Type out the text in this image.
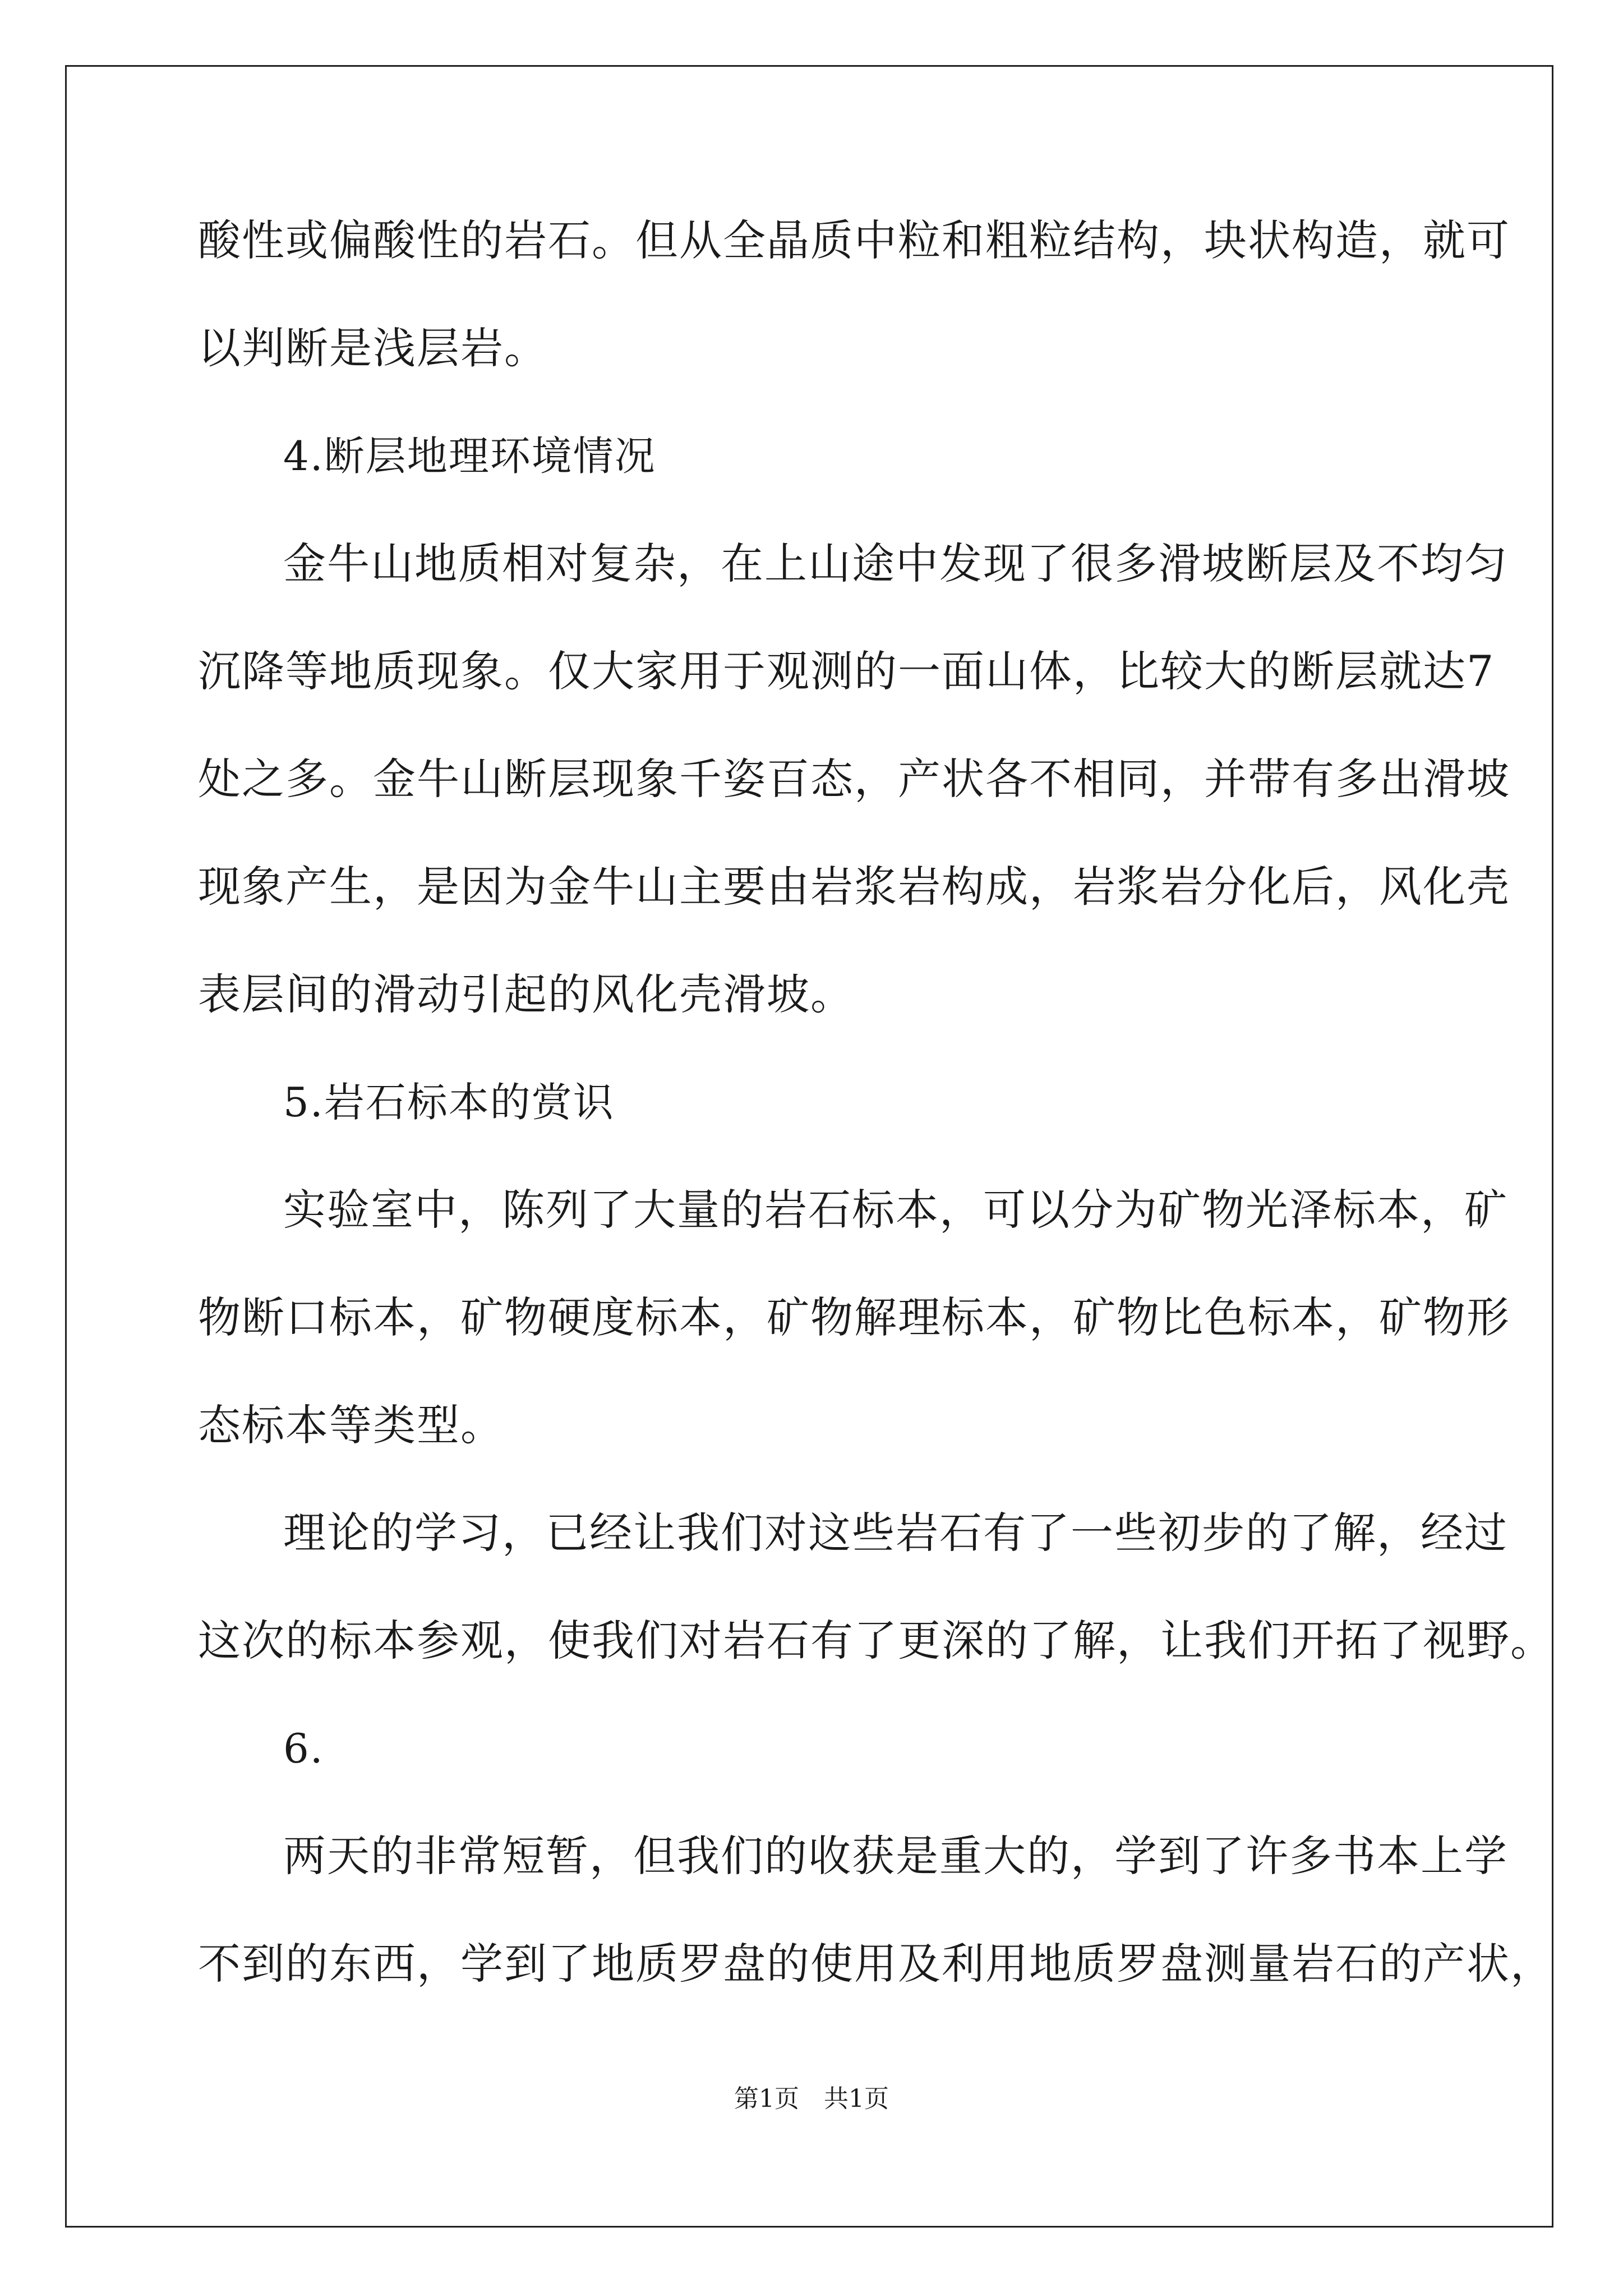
酸性或偏酸性的岩石。但从全晶质中粒和粗粒结构，块状构造，就可
以判断是浅层岩。
4.断层地理环境情况
金牛山地质相对复杂，在上山途中发现了很多滑坡断层及不均匀
沉降等地质现象。仅大家用于观测的一面山体，比较大的断层就达7
处之多。金牛山断层现象千姿百态，产状各不相同，并带有多出滑坡
现象产生，是因为金牛山主要由岩浆岩构成，岩浆岩分化后，风化壳
表层间的滑动引起的风化壳滑坡。
5.岩石标本的赏识
实验室中，陈列了大量的岩石标本，可以分为矿物光泽标本，矿
物断口标本，矿物硬度标本，矿物解理标本，矿物比色标本，矿物形
态标本等类型。
理论的学习，已经让我们对这些岩石有了一些初步的了解，经过
这次的标本参观，使我们对岩石有了更深的了解，让我们开拓了视野。
6.
两天的非常短暂，但我们的收获是重大的，学到了许多书本上学
不到的东西，学到了地质罗盘的使用及利用地质罗盘测量岩石的产状，
第1页　共1页
